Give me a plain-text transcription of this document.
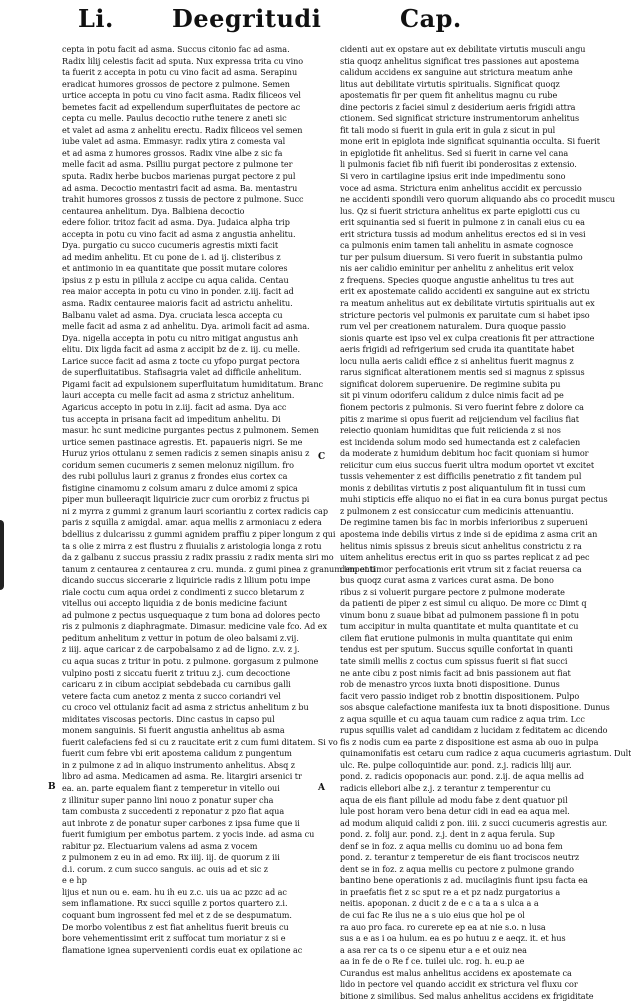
Li. Deegritudi	Cap.
B
C
A
cepta in potu facit ad asma. Succus citonio fac ad asma.
Radix lilij celestis facit ad sputa. Nux expressa trita cu vino
ta fuerit z accepta in potu cu vino facit ad asma. Serapinu
eradicat humores grossos de pectore z pulmone. Semen
urtice accepta in potu cu vino facit asma. Radix filiceos vel
bemetes facit ad expellendum superfluitates de pectore ac
cepta cu melle. Paulus decoctio ruthe tenere z aneti sic
et valet ad asma z anhelitu erectu. Radix filiceos vel semen
iube valet ad asma. Emmasyr. radix ytira z comesta val
et ad asma z humores grossos. Radix vine albe z sic fa
melle facit ad asma. Psilliu purgat pectore z pulmone ter
sputa. Radix herbe bucbos marienas purgat pectore z pul
ad asma. Decoctio mentastri facit ad asma. Ba. mentastru
trahit humores grossos z tussis de pectore z pulmone. Succ
centaurea anhelitum. Dya. Balbiena decoctio
edere folior. tritoz facit ad asma. Dya. Judaica alpha trip
accepta in potu cu vino facit ad asma z angustia anhelitu.
Dya. purgatio cu succo cucumeris agrestis mixti facit
ad medim anhelitu. Et cu pone de i. ad ij. clisteribus z
et antimonio in ea quantitate que possit mutare colores
ipsius z p estu in pillula z accipe cu aqua calida. Centau
rea maior accepta in potu cu vino in ponder. z.iij. facit ad
asma. Radix centauree maioris facit ad astrictu anhelitu.
Balbanu valet ad asma. Dya. cruciata lesca accepta cu
melle facit ad asma z ad anhelitu. Dya. arimoli facit ad asma.
Dya. nigella accepta in potu cu nitro mitigat angustus anh
elitu. Dix ligda facit ad asma z accipit bz de z. iij. cu melle.
Larice succe facit ad asma z tocte cu yfopo purgat pectora
de superfluitatibus. Stafisagria valet ad difficile anhelitum.
Pigami facit ad expulsionem superfluitatum humiditatum. Branc
lauri accepta cu melle facit ad asma z strictuz anhelitum.
Agaricus accepto in potu in z.iij. facit ad asma. Dya acc
tus accepta in prisana facit ad impeditum anhelitu. Di
masur. hc sunt medicine purgantes pectus z pulmonem. Semen
urtice semen pastinace agrestis. Et. papaueris nigri. Se me
Huruz yrios ottulanu z semen radicis z semen sinapis anisu z
coridum semen cucumeris z semen melonuz nigillum. fro
des rubi pollulus lauri z granus z frondes eius cortex ca
fistigine cinamomu z colsum amaru z dulce amomi z spica
piper mun bulleeraqit liquiricie zucr cum ororbiz z fructus pi
ni z myrra z gummi z granum lauri scoriantiu z cortex radicis cap
paris z squilla z amigdal. amar. aqua mellis z armoniacu z edera
bdellius z dulcarissu z gummi agnidem praffiu z piper longum z qui
ta s olie z mirra z est flustru z fluuialis z aristologia longa z rotu
da z galbanu z succus prassiu z radix prassiu z radix menta siri mo
tanum z centaurea z centaurea z cru. munda. z gumi pinea z granum impenti
dicando succus siccerarie z liquiricie radis z lilium potu impe
riale coctu cum aqua ordei z condimenti z succo bletarum z
vitellus oui accepto liquidia z de bonis medicine faciunt
ad pulmone z pectus usquequaque z tum bona ad dolores pecto
ris z pulmonis z diaphragmate. Dimasur. medicine vale fco. Ad ex
peditum anhelitum z vettur in potum de oleo balsami z.vij.
z iiij. aque caricar z de carpobalsamo z ad de ligno. z.v. z j.
cu aqua sucas z tritur in potu. z pulmone. gorgasum z pulmone
vulpino posti z siccatu fuerit z trituu z.j. cum decoctione
caricaru z in cibum accipiat sebdebada cu carnibus galli
vetere facta cum anetoz z menta z succo coriandri vel
cu croco vel ottulaniz facit ad asma z strictus anhelitum z bu
miditates viscosas pectoris. Dinc castus in capso pul
monem sanguinis. Si fuerit angustia anhelitus ab asma
fuerit calefaciens fed si cu z raucitate erit z cum fumi ditatem. Si vo
fuerit cum febre vbi erit apostema calidum z pungentum
in z pulmone z ad in aliquo instrumento anhelitus. Absq z
libro ad asma. Medicamen ad asma. Re. litargiri arsenici tr
ea. an. parte equalem fiant z temperetur in vitello oui
z illinitur super panno lini nouo z ponatur super cha
tam combusta z succedenti z reponatur z pzo fiat aqua
aut inbrote z de ponatur super carbones z ipsa fume que ii
fuerit fumigium per embotus partem. z yocis inde. ad asma cu
rabitur pz. Electuarium valens ad asma z vocem
z pulmonem z eu in ad emo. Rx iiij. iij. de quorum z iii
d.i. corum. z cum succo sanguis. ac ouis ad et sic z
e e hp
lijus et nun ou e. eam. hu ih eu z.c. uis ua ac pzzc ad ac
sem inflamatione. Rx succi squille z portos quartero z.i.
coquant bum ingrossent fed mel et z de se despumatum.
De morbo volentibus z est fiat anhelitus fuerit breuis cu
bore vehementissimt erit z suffocat tum moriatur z si e
flamatione ignea supervenienti cordis euat ex opilatione ac
cidenti aut ex opstare aut ex debilitate virtutis musculi angu
stia quoqz anhelitus significat tres passiones aut apostema
calidum accidens ex sanguine aut strictura meatum anhe
litus aut debilitate virtutis spiritualis. Significat quoqz
apostematis fir per quem fit anhelitus magnu cu rube
dine pectoris z faciei simul z desiderium aeris frigidi attra
ctionem. Sed significat stricture instrumentorum anhelitus
fit tali modo si fuerit in gula erit in gula z sicut in pul
mone erit in epiglota inde significat squinantia occulta. Si fuerit
in epiglotide fit anhelitus. Sed si fuerit in carne vel cana
li pulmonis faciet fib nifi fuerit ibi ponderositas z extensio.
Si vero in cartilagine ipsius erit inde impedimentu sono
voce ad asma. Strictura enim anhelitus accidit ex percussio
ne accidenti spondili vero quorum aliquando abs co procedit muscu
lus. Qz si fuerit strictura anhelitus ex parte epiglotti cus cu
erit squinantia sed si fuerit in pulmone z in canali eius cu ea
erit strictura tussis ad modum anhelitus erectos ed si in vesi
ca pulmonis enim tamen tali anhelitu in asmate cognosce
tur per pulsum diuersum. Si vero fuerit in substantia pulmo
nis aer calidio eminitur per anhelitu z anhelitus erit velox
z frequens. Species quoque angustie anhelitus tu tres aut
erit ex apostemate calido accidenti ex sanguine aut ex strictu
ra meatum anhelitus aut ex debilitate virtutis spiritualis aut ex
stricture pectoris vel pulmonis ex paruitate cum si habet ipso
rum vel per creationem naturalem. Dura quoque passio
sionis quarte est ipso vel ex culpa creationis fit per attractione
aeris frigidi ad refrigerium sed cruda ita quantitate habet
locu nulla aeris calidi effice z si anhelitus fuerit magnus z
rarus significat alterationem mentis sed si magnus z spissus
significat dolorem superuenire. De regimine subita pu
sit pi vinum odoriferu calidum z dulce nimis facit ad pe
fionem pectoris z pulmonis. Si vero fuerint febre z dolore ca
pitis z marime si opus fuerit ad reijciendum vel facilius fiat
reiectio quoniam humiditas que fuit reiicienda z si nos
est incidenda solum modo sed humectanda est z calefacien
da moderate z humidum debitum hoc facit quoniam si humor
reiicitur cum eius succus fuerit ultra modum oportet vt excitet
tussis vehementer z est difficilis penetratio z fit tandem pul
monis z debilitas virtutis z post aliquantulum fit in tussi cum
muhi stipticis effe aliquo no ei fiat in ea cura bonus purgat pectus
z pulmonem z est consiccatur cum medicinis attenuantiu.
De regimine tamen bis fac in morbis inferioribus z superueni
apostema inde debilis virtus z inde si de epidima z asma crit an
helitus nimis spissus z breuis sicut anhelitus constrictu z ra
uitem anhelitus erectus erit in quo ss partes replicat z ad pec
dem et timor perfocationis erit vtrum sit z faciat reuersa ca
bus quoqz curat asma z varices curat asma. De bono
ribus z si voluerit purgare pectore z pulmone moderate
da patienti de piper z est simul cu aliquo. De more cc Dimt q
vinum bonu z suaue bibat ad pulmonem passione fi in potu
tum accipitur in multa quantitate et multa quantitate et cu
cilem fiat erutione pulmonis in multa quantitate qui enim
tendus est per sputum. Succus squille confortat in quanti
tate simili mellis z coctus cum spissus fuerit si fiat succi
ne ante cibu z post nimis facit ad bnis passionem aut fiat
rob de menastro yrcos iuxta bnoti dispositione. Dunus
facit vero passio indiget rob z bnottin dispositionem. Pulpo
sos absque calefactione manifesta iux ta bnoti dispositione. Dunus
z aqua squille et cu aqua tauam cum radice z aqua trim. Lcc
rupus squillis valet ad candidam z lucidam z feditatem ac dicendo
fis z nodis cum ea parte z dispositione est asma ab ouo in pulpa
quinamonifatis est cetaru cum radice z aqua cucumeris agriastum. Dult
ulc. Re. pulpe colloquintide aur. pond. z.j. radicis lilij aur.
pond. z. radicis opoponacis aur. pond. z.ij. de aqua mellis ad
radicis ellebori albe z.j. z terantur z temperentur cu
aqua de eis fiant pillule ad modu fabe z dent quatuor pil
lule post horam vero bena detur cidi in ead ea aqua mel.
ad modum aliquid calidi z pon. iiii. z succi cucumeris agrestis aur.
pond. z. folij aur. pond. z.j. dent in z aqua ferula. Sup
denf se in foz. z aqua mellis cu dominu uo ad bona fem
pond. z. terantur z temperetur de eis fiant trociscos neutrz
dent se in foz. z aqua mellis cu pectore z pulmone grando
bantino bene operationis z ad. mucilaginis fiunt ipsu facta ea
in praefatis fiet z sc sput re a et pz nadz purgatorius a
neitis. apoponan. z ducit z de e c a ta a s ulca a a
de cui fac Re ilus ne a s uio eius que hol pe ol
ra auo pro faca. ro curerete ep ea at nie s.o. n lusa
sus a e as i oa hulum. ea es po hutuu z e aeqz. it. et hus
a asa rer ca ts o ce sipenu etur a e et ouiz nea
aa in fe de o Re f ce. tuilei ulc. rog. h. eu.p ae
Curandus est malus anhelitus accidens ex apostemate ca
lido in pectore vel quando accidit ex strictura vel fluxu cor
bitione z similibus. Sed malus anhelitus accidens ex frigiditate
